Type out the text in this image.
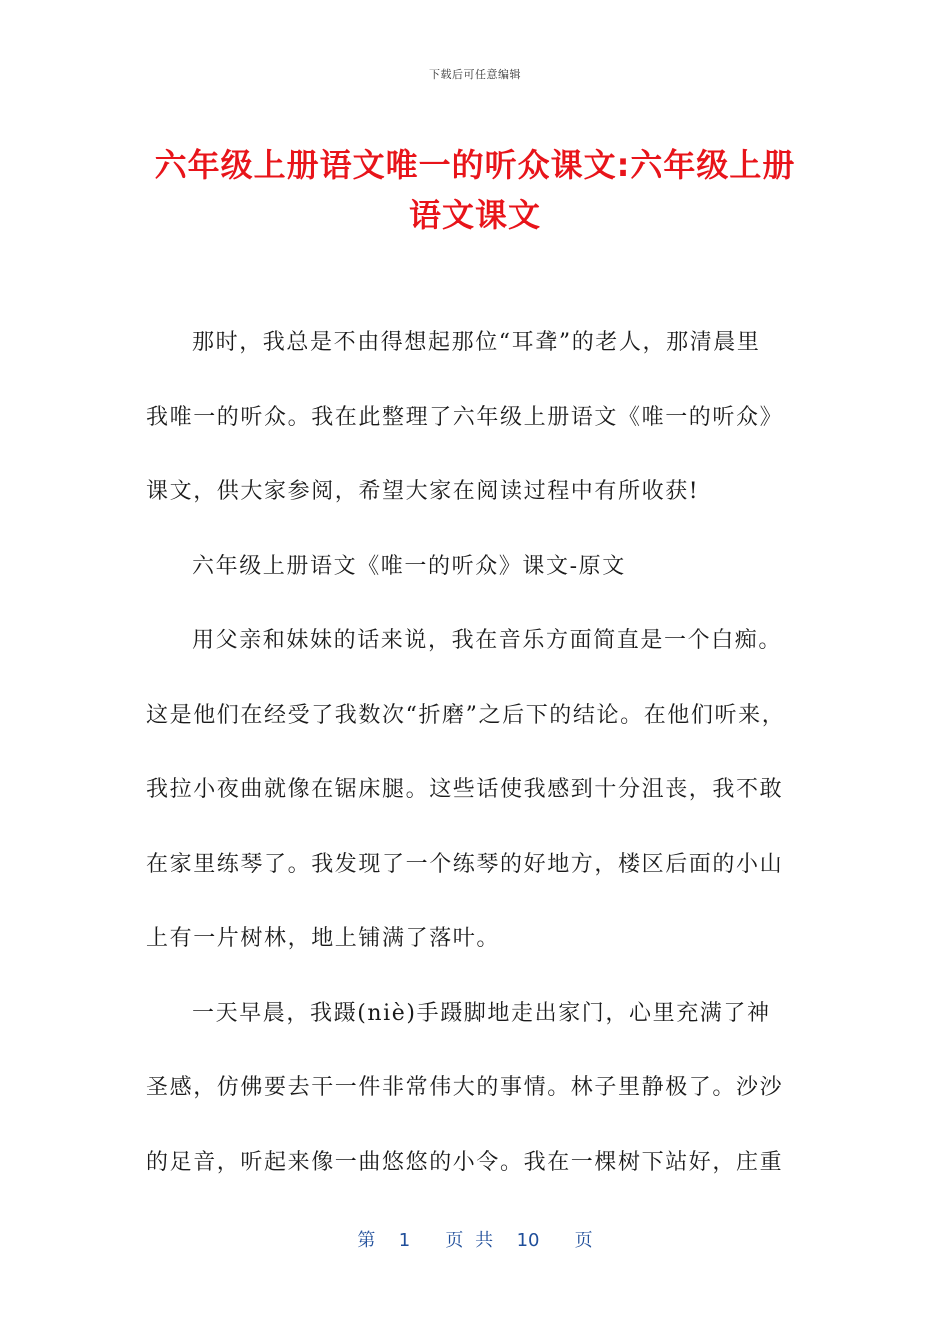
下载后可任意编辑
六年级上册语文唯一的听众课文:六年级上册
语文课文
那时，我总是不由得想起那位“耳聋”的老人，那清晨里
我唯一的听众。我在此整理了六年级上册语文《唯一的听众》
课文，供大家参阅，希望大家在阅读过程中有所收获!
六年级上册语文《唯一的听众》课文-原文
用父亲和妹妹的话来说，我在音乐方面简直是一个白痴。
这是他们在经受了我数次“折磨”之后下的结论。在他们听来，
我拉小夜曲就像在锯床腿。这些话使我感到十分沮丧，我不敢
在家里练琴了。我发现了一个练琴的好地方，楼区后面的小山
上有一片树林，地上铺满了落叶。
一天早晨，我蹑(niè)手蹑脚地走出家门，心里充满了神
圣感，仿佛要去干一件非常伟大的事情。林子里静极了。沙沙
的足音，听起来像一曲悠悠的小令。我在一棵树下站好，庄重
第  1   页 共  10   页
